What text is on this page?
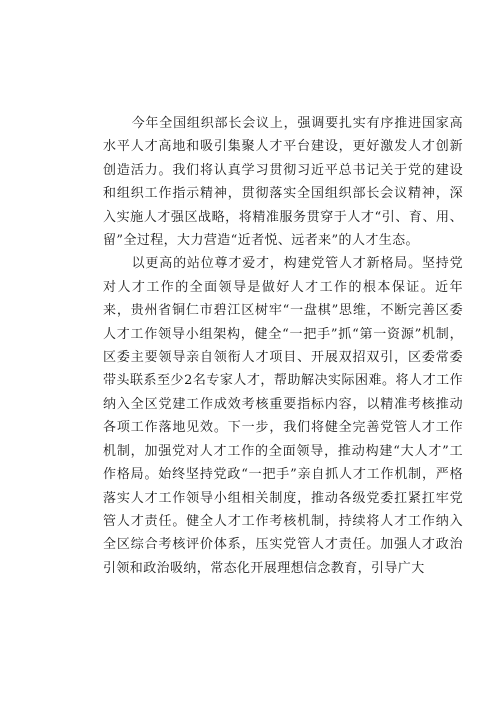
今年全国组织部长会议上，强调要扎实有序推进国家高水平人才高地和吸引集聚人才平台建设，更好激发人才创新创造活力。我们将认真学习贯彻习近平总书记关于党的建设和组织工作指示精神，贯彻落实全国组织部长会议精神，深入实施人才强区战略，将精准服务贯穿于人才“引、育、用、留”全过程，大力营造“近者悦、远者来”的人才生态。

以更高的站位尊才爱才，构建党管人才新格局。坚持党对人才工作的全面领导是做好人才工作的根本保证。近年来，贵州省铜仁市碧江区树牢“一盘棋”思维，不断完善区委人才工作领导小组架构，健全“一把手”抓“第一资源”机制，区委主要领导亲自领衔人才项目、开展双招双引，区委常委带头联系至少2名专家人才，帮助解决实际困难。将人才工作纳入全区党建工作成效考核重要指标内容，以精准考核推动各项工作落地见效。下一步，我们将健全完善党管人才工作机制，加强党对人才工作的全面领导，推动构建“大人才”工作格局。始终坚持党政“一把手”亲自抓人才工作机制，严格落实人才工作领导小组相关制度，推动各级党委扛紧扛牢党管人才责任。健全人才工作考核机制，持续将人才工作纳入全区综合考核评价体系，压实党管人才责任。加强人才政治引领和政治吸纳，常态化开展理想信念教育，引导广大
